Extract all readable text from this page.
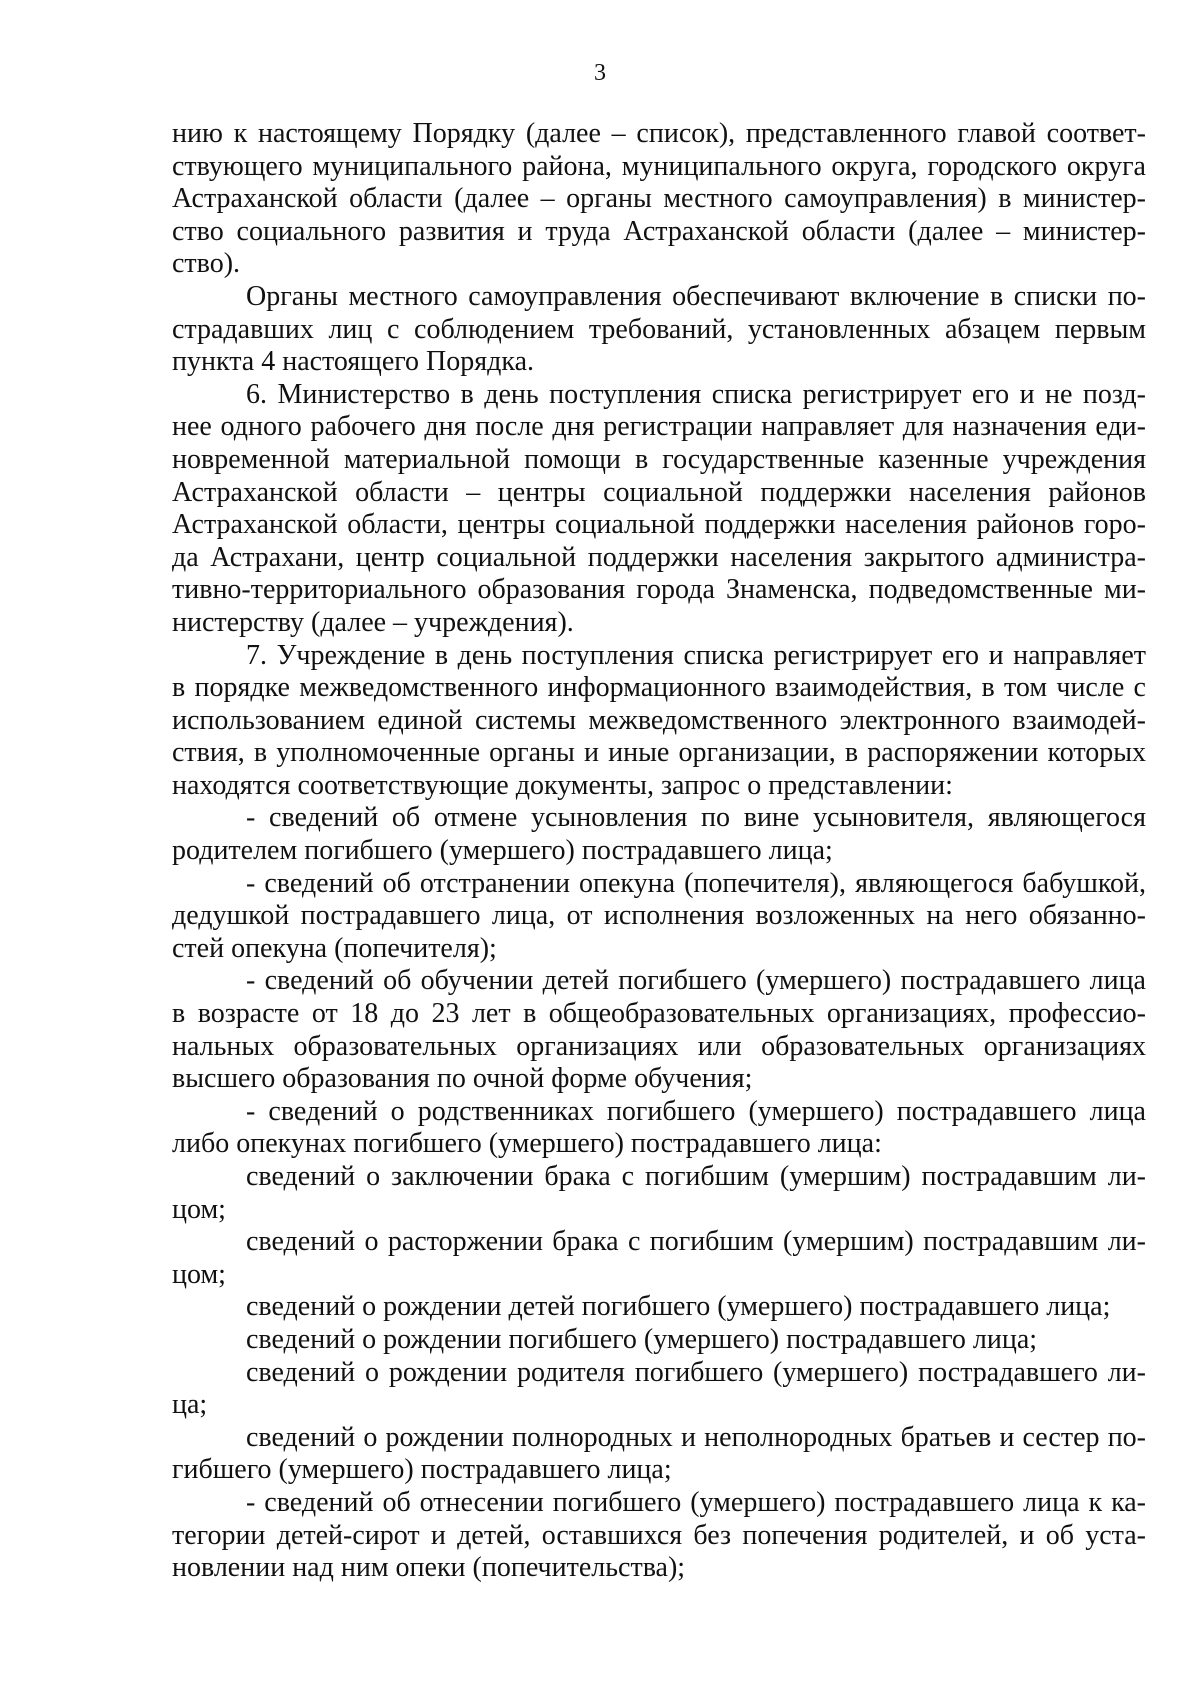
3
нию к настоящему Порядку (далее – список), представленного главой соответ-
ствующего муниципального района, муниципального округа, городского округа
Астраханской области (далее – органы местного самоуправления) в министер-
ство социального развития и труда Астраханской области (далее – министер-
ство).
Органы местного самоуправления обеспечивают включение в списки по-
страдавших лиц с соблюдением требований, установленных абзацем первым
пункта 4 настоящего Порядка.
6. Министерство в день поступления списка регистрирует его и не позд-
нее одного рабочего дня после дня регистрации направляет для назначения еди-
новременной материальной помощи в государственные казенные учреждения
Астраханской области – центры социальной поддержки населения районов
Астраханской области, центры социальной поддержки населения районов горо-
да Астрахани, центр социальной поддержки населения закрытого администра-
тивно-территориального образования города Знаменска, подведомственные ми-
нистерству (далее – учреждения).
7. Учреждение в день поступления списка регистрирует его и направляет
в порядке межведомственного информационного взаимодействия, в том числе с
использованием единой системы межведомственного электронного взаимодей-
ствия, в уполномоченные органы и иные организации, в распоряжении которых
находятся соответствующие документы, запрос о представлении:
- сведений об отмене усыновления по вине усыновителя, являющегося
родителем погибшего (умершего) пострадавшего лица;
- сведений об отстранении опекуна (попечителя), являющегося бабушкой,
дедушкой пострадавшего лица, от исполнения возложенных на него обязанно-
стей опекуна (попечителя);
- сведений об обучении детей погибшего (умершего) пострадавшего лица
в возрасте от 18 до 23 лет в общеобразовательных организациях, профессио-
нальных образовательных организациях или образовательных организациях
высшего образования по очной форме обучения;
- сведений о родственниках погибшего (умершего) пострадавшего лица
либо опекунах погибшего (умершего) пострадавшего лица:
сведений о заключении брака с погибшим (умершим) пострадавшим ли-
цом;
сведений о расторжении брака с погибшим (умершим) пострадавшим ли-
цом;
сведений о рождении детей погибшего (умершего) пострадавшего лица;
сведений о рождении погибшего (умершего) пострадавшего лица;
сведений о рождении родителя погибшего (умершего) пострадавшего ли-
ца;
сведений о рождении полнородных и неполнородных братьев и сестер по-
гибшего (умершего) пострадавшего лица;
- сведений об отнесении погибшего (умершего) пострадавшего лица к ка-
тегории детей-сирот и детей, оставшихся без попечения родителей, и об уста-
новлении над ним опеки (попечительства);
